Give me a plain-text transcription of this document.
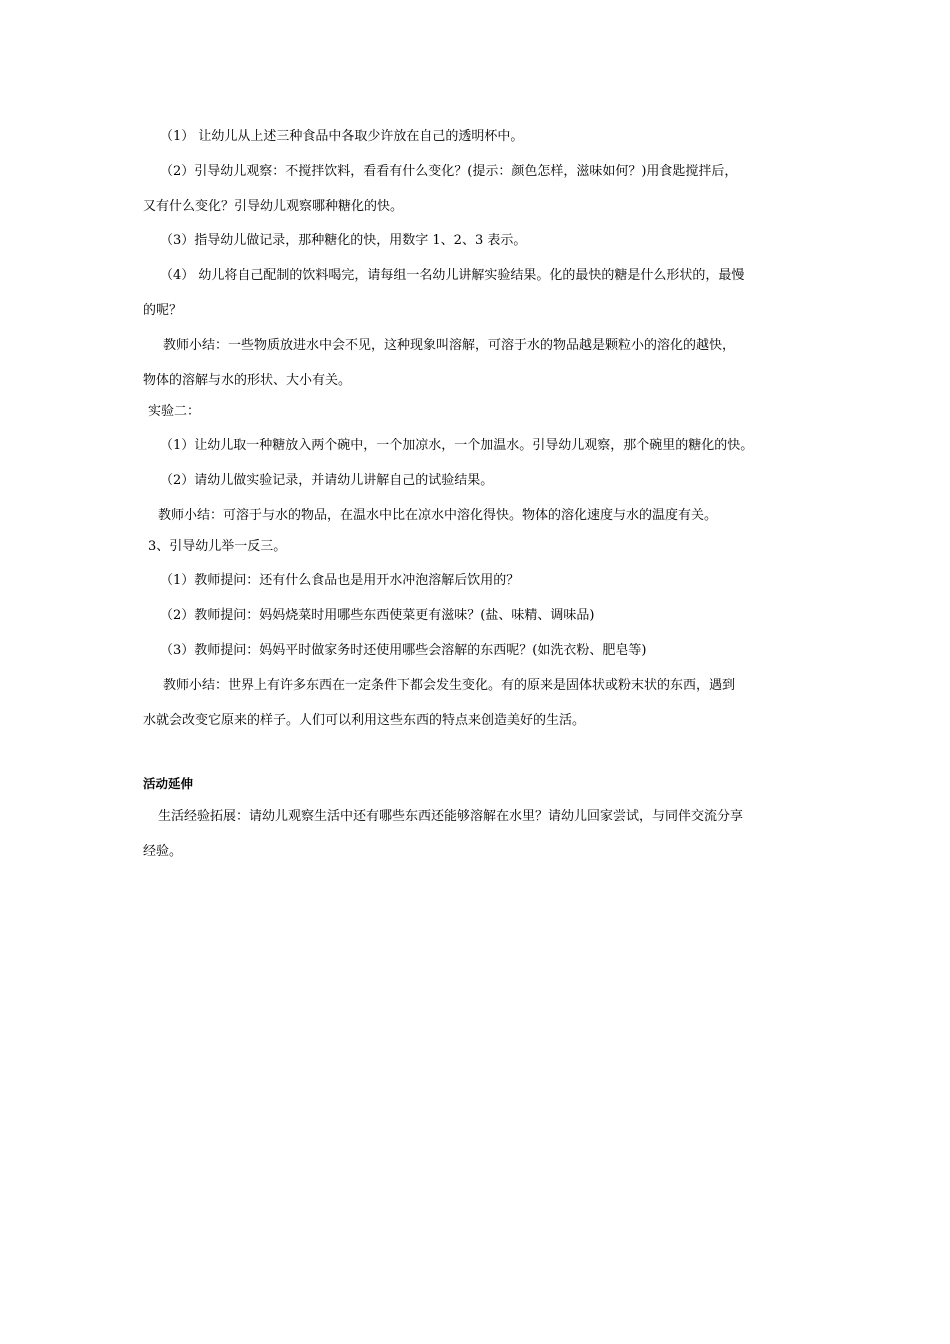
（1） 让幼儿从上述三种食品中各取少许放在自己的透明杯中。
（2）引导幼儿观察：不搅拌饮料，看看有什么变化？(提示：颜色怎样，滋味如何？)用食匙搅拌后，
又有什么变化？引导幼儿观察哪种糖化的快。
（3）指导幼儿做记录，那种糖化的快，用数字 1、2、3 表示。
（4） 幼儿将自己配制的饮料喝完，请每组一名幼儿讲解实验结果。化的最快的糖是什么形状的，最慢
的呢？
教师小结：一些物质放进水中会不见，这种现象叫溶解，可溶于水的物品越是颗粒小的溶化的越快，
物体的溶解与水的形状、大小有关。
实验二：
（1）让幼儿取一种糖放入两个碗中，一个加凉水，一个加温水。引导幼儿观察，那个碗里的糖化的快。
（2）请幼儿做实验记录，并请幼儿讲解自己的试验结果。
教师小结：可溶于与水的物品，在温水中比在凉水中溶化得快。物体的溶化速度与水的温度有关。
3、引导幼儿举一反三。
（1）教师提问：还有什么食品也是用开水冲泡溶解后饮用的？
（2）教师提问：妈妈烧菜时用哪些东西使菜更有滋味？(盐、味精、调味品)
（3）教师提问：妈妈平时做家务时还使用哪些会溶解的东西呢？(如洗衣粉、肥皂等)
教师小结：世界上有许多东西在一定条件下都会发生变化。有的原来是固体状或粉末状的东西，遇到
水就会改变它原来的样子。人们可以利用这些东西的特点来创造美好的生活。
活动延伸
生活经验拓展：请幼儿观察生活中还有哪些东西还能够溶解在水里？请幼儿回家尝试，与同伴交流分享
经验。
